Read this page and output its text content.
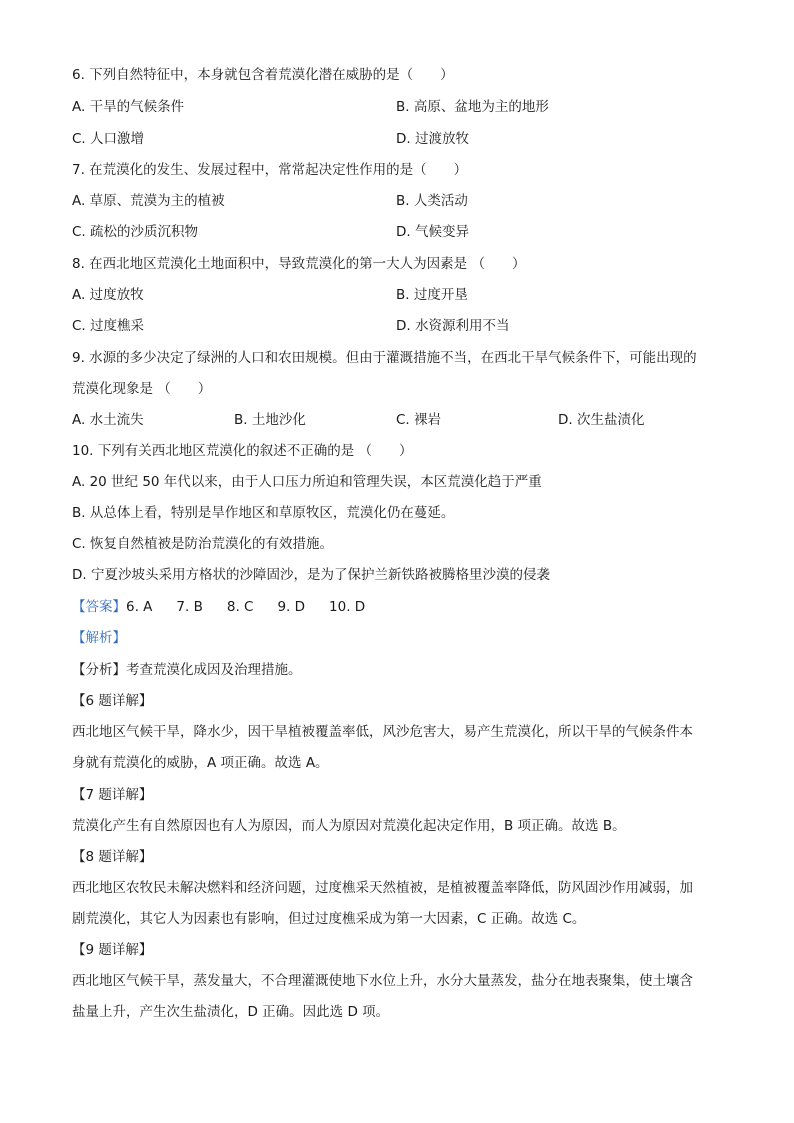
6. 下列自然特征中，本身就包含着荒漠化潜在威胁的是（　　）
A. 干旱的气候条件	B. 高原、盆地为主的地形
C. 人口激增	D. 过渡放牧
7. 在荒漠化的发生、发展过程中，常常起决定性作用的是（　　）
A. 草原、荒漠为主的植被	B. 人类活动
C. 疏松的沙质沉积物	D. 气候变异
8. 在西北地区荒漠化土地面积中，导致荒漠化的第一大人为因素是 （　　）
A. 过度放牧	B. 过度开垦
C. 过度樵采	D. 水资源利用不当
9. 水源的多少决定了绿洲的人口和农田规模。但由于灌溉措施不当，在西北干旱气候条件下，可能出现的
荒漠化现象是 （　　）
A. 水土流失	B. 土地沙化	C. 裸岩	D. 次生盐渍化
10. 下列有关西北地区荒漠化的叙述不正确的是 （　　）
A. 20 世纪 50 年代以来，由于人口压力所迫和管理失误，本区荒漠化趋于严重
B. 从总体上看，特别是旱作地区和草原牧区，荒漠化仍在蔓延。
C. 恢复自然植被是防治荒漠化的有效措施。
D. 宁夏沙坡头采用方格状的沙障固沙，是为了保护兰新铁路被腾格里沙漠的侵袭
【答案】6. A 7. B 8. C 9. D 10. D
【解析】
【分析】考查荒漠化成因及治理措施。
【6 题详解】
西北地区气候干旱，降水少，因干旱植被覆盖率低，风沙危害大，易产生荒漠化，所以干旱的气候条件本
身就有荒漠化的威胁，A 项正确。故选 A。
【7 题详解】
荒漠化产生有自然原因也有人为原因，而人为原因对荒漠化起决定作用，B 项正确。故选 B。
【8 题详解】
西北地区农牧民未解决燃料和经济问题，过度樵采天然植被，是植被覆盖率降低，防风固沙作用减弱，加
剧荒漠化，其它人为因素也有影响，但过过度樵采成为第一大因素，C 正确。故选 C。
【9 题详解】
西北地区气候干旱，蒸发量大，不合理灌溉使地下水位上升，水分大量蒸发，盐分在地表聚集，使土壤含
盐量上升，产生次生盐渍化，D 正确。因此选 D 项。
